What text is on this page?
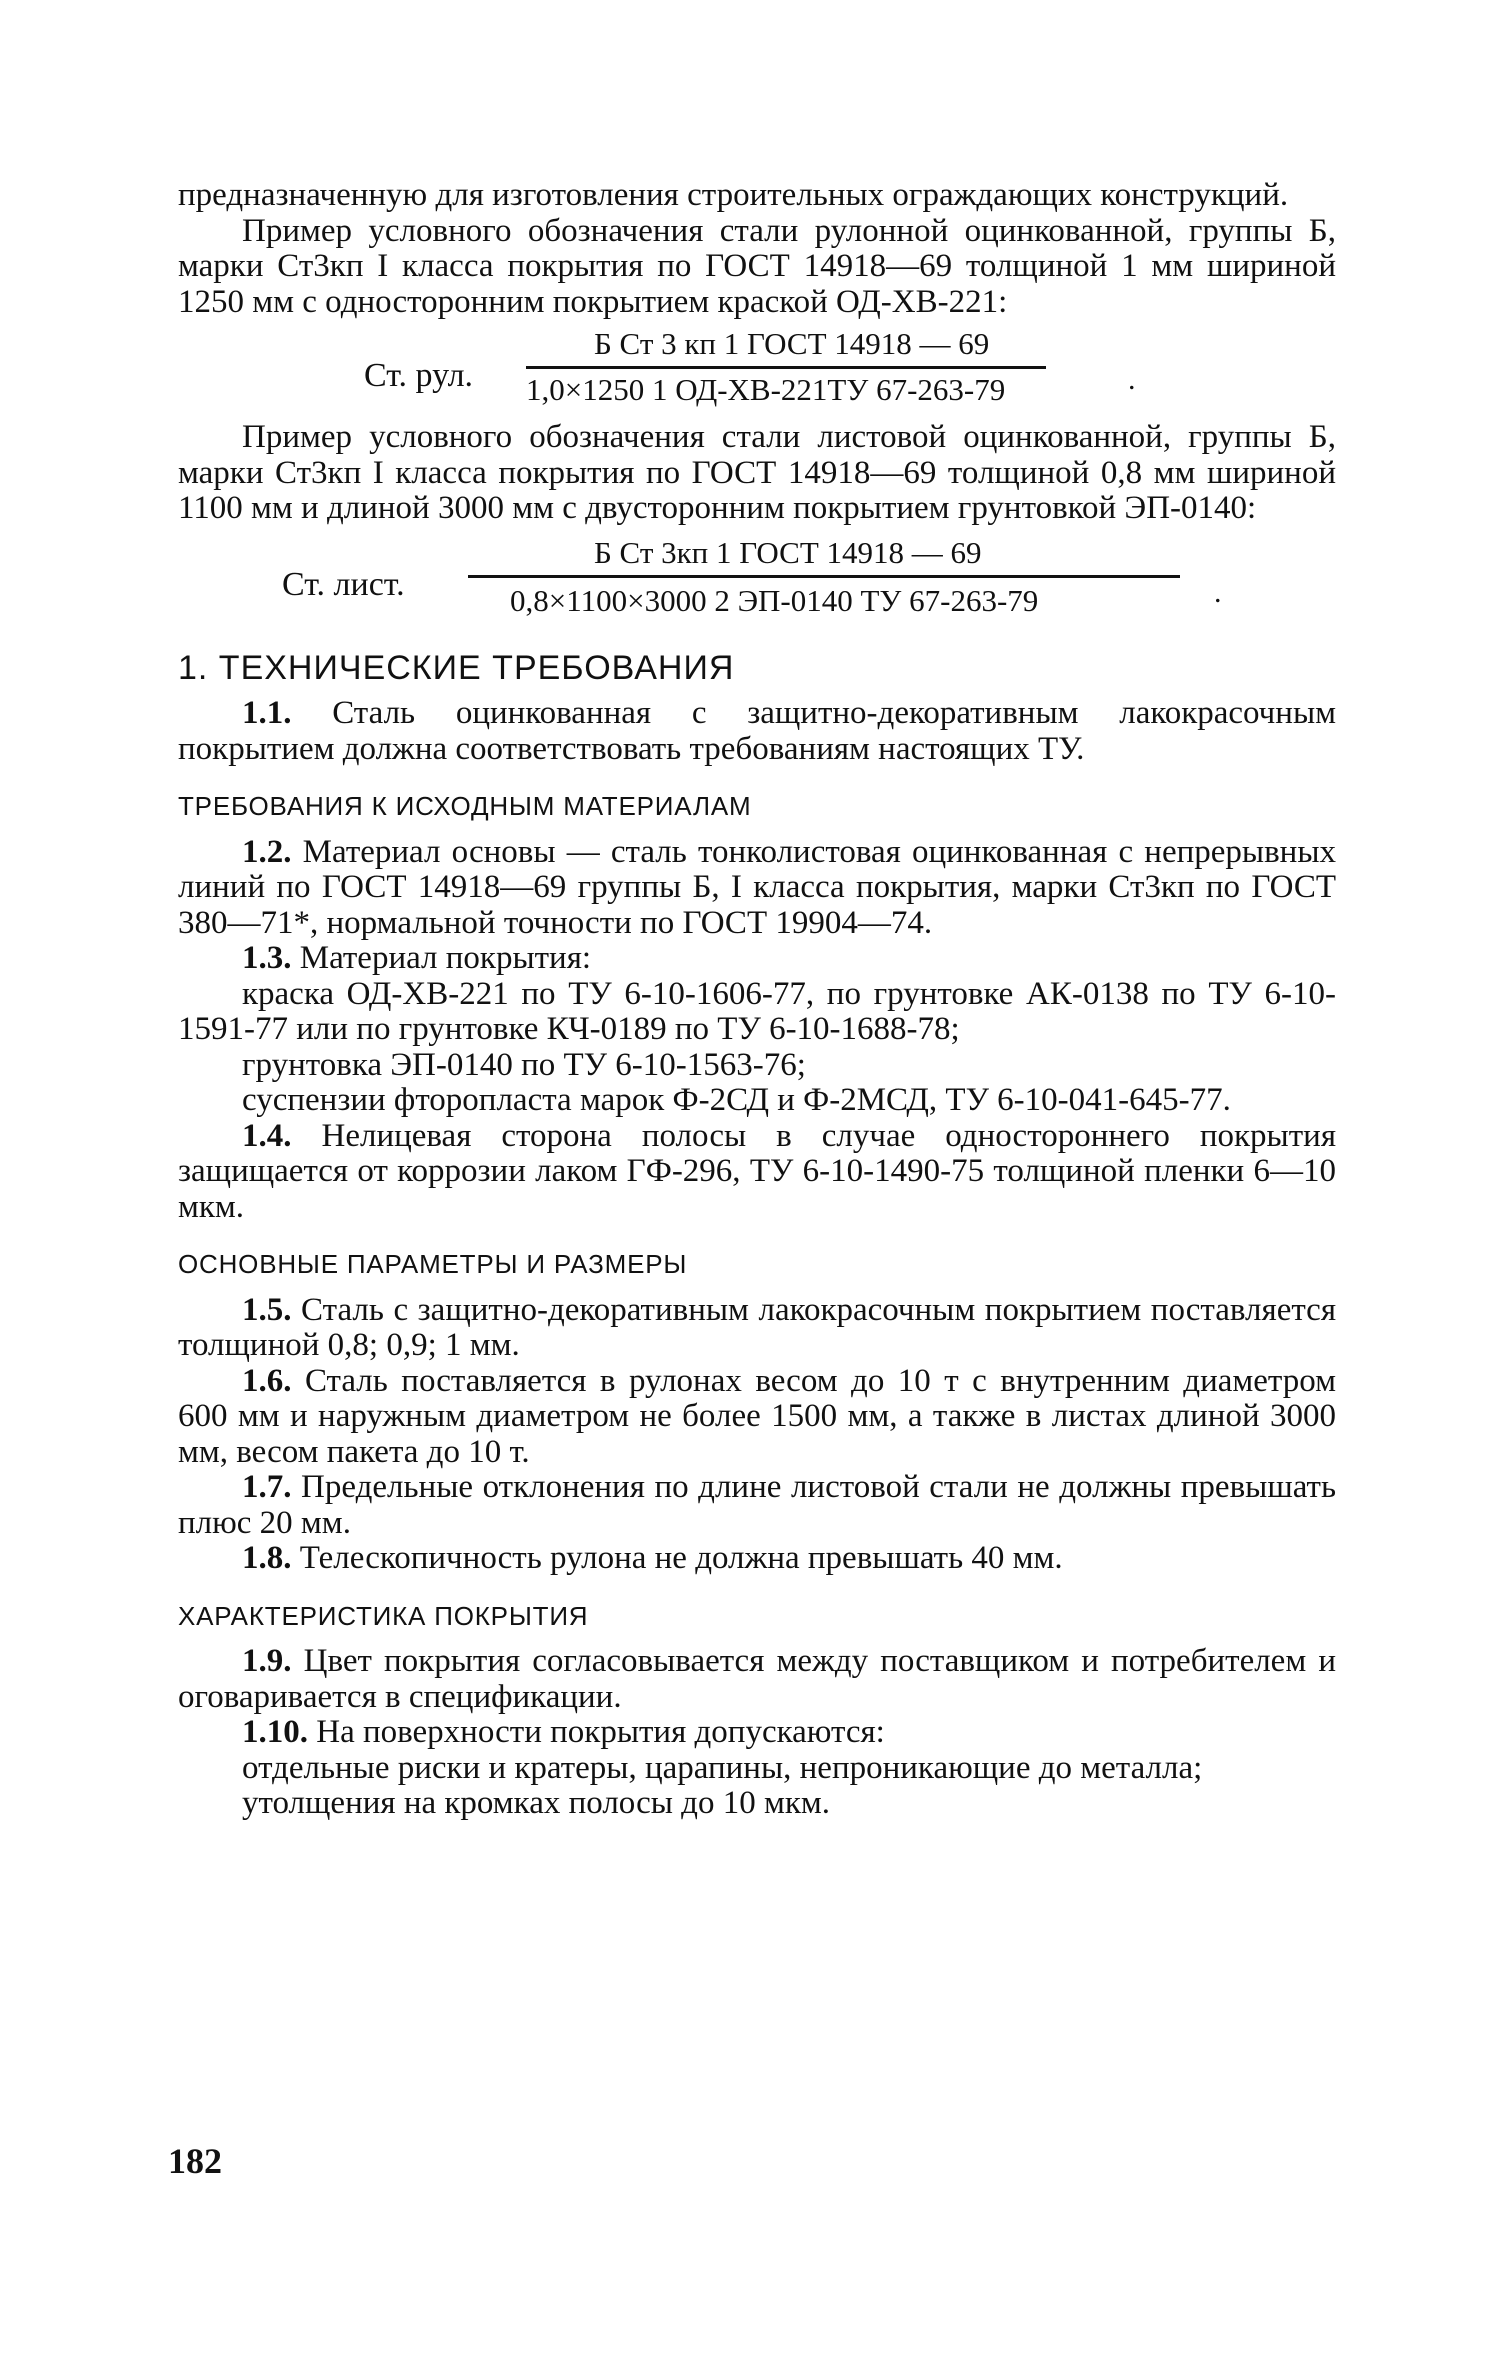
предназначенную для изготовления строительных ограждающих конструкций.

Пример условного обозначения стали рулонной оцинкованной, группы Б, марки Ст3кп I класса покрытия по ГОСТ 14918—69 толщиной 1 мм шириной 1250 мм с односторонним покрытием краской ОД-ХВ-221:

Ст. рул.
Б Ст 3 кп 1 ГОСТ 14918 — 69
1,0×1250 1 ОД-ХВ-221ТУ 67-263-79	.

Пример условного обозначения стали листовой оцинкованной, группы Б, марки Ст3кп I класса покрытия по ГОСТ 14918—69 толщиной 0,8 мм шириной 1100 мм и длиной 3000 мм с двусторонним покрытием грунтовкой ЭП-0140:

Ст. лист.
Б Ст 3кп 1 ГОСТ 14918 — 69
0,8×1100×3000 2 ЭП-0140 ТУ 67-263-79	.
1. ТЕХНИЧЕСКИЕ ТРЕБОВАНИЯ

1.1. Сталь оцинкованная с защитно-декоративным лакокрасочным покрытием должна соответствовать требованиям настоящих ТУ.

ТРЕБОВАНИЯ К ИСХОДНЫМ МАТЕРИАЛАМ

1.2. Материал основы — сталь тонколистовая оцинкованная с непрерывных линий по ГОСТ 14918—69 группы Б, I класса покрытия, марки Ст3кп по ГОСТ 380—71*, нормальной точности по ГОСТ 19904—74.

1.3. Материал покрытия:

краска ОД-ХВ-221 по ТУ 6-10-1606-77, по грунтовке АК-0138 по ТУ 6-10-1591-77 или по грунтовке КЧ-0189 по ТУ 6-10-1688-78;

грунтовка ЭП-0140 по ТУ 6-10-1563-76;

суспензии фторопласта марок Ф-2СД и Ф-2МСД, ТУ 6-10-041-645-77.

1.4. Нелицевая сторона полосы в случае одностороннего покрытия защищается от коррозии лаком ГФ-296, ТУ 6-10-1490-75 толщиной пленки 6—10 мкм.

ОСНОВНЫЕ ПАРАМЕТРЫ И РАЗМЕРЫ

1.5. Сталь с защитно-декоративным лакокрасочным покрытием поставляется толщиной 0,8; 0,9; 1 мм.

1.6. Сталь поставляется в рулонах весом до 10 т с внутренним диаметром 600 мм и наружным диаметром не более 1500 мм, а также в листах длиной 3000 мм, весом пакета до 10 т.

1.7. Предельные отклонения по длине листовой стали не должны превышать плюс 20 мм.

1.8. Телескопичность рулона не должна превышать 40 мм.

ХАРАКТЕРИСТИКА ПОКРЫТИЯ

1.9. Цвет покрытия согласовывается между поставщиком и потребителем и оговаривается в спецификации.

1.10. На поверхности покрытия допускаются:

отдельные риски и кратеры, царапины, непроникающие до металла;

утолщения на кромках полосы до 10 мкм.

182
